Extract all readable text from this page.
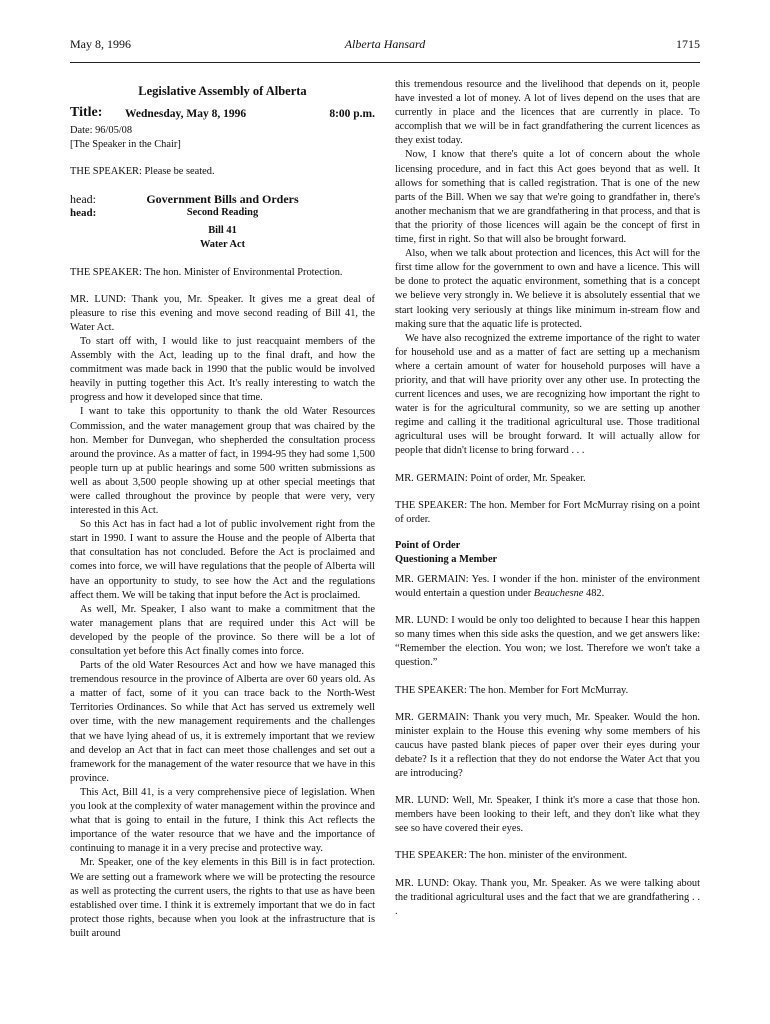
May 8, 1996	Alberta Hansard	1715
Legislative Assembly of Alberta
Title: Wednesday, May 8, 1996	8:00 p.m.
Date: 96/05/08
[The Speaker in the Chair]

THE SPEAKER: Please be seated.

head:	Government Bills and Orders
head:	Second Reading
Bill 41
Water Act

THE SPEAKER: The hon. Minister of Environmental Protection.

MR. LUND: Thank you, Mr. Speaker. It gives me a great deal of pleasure to rise this evening and move second reading of Bill 41, the Water Act.

To start off with, I would like to just reacquaint members of the Assembly with the Act, leading up to the final draft, and how the commitment was made back in 1990 that the public would be involved heavily in putting together this Act. It's really interesting to watch the progress and how it developed since that time.

I want to take this opportunity to thank the old Water Resources Commission, and the water management group that was chaired by the hon. Member for Dunvegan, who shepherded the consultation process around the province. As a matter of fact, in 1994-95 they had some 1,500 people turn up at public hearings and some 500 written submissions as well as about 3,500 people showing up at other special meetings that were called throughout the province by people that were very, very interested in this Act.

So this Act has in fact had a lot of public involvement right from the start in 1990. I want to assure the House and the people of Alberta that that consultation has not concluded. Before the Act is proclaimed and comes into force, we will have regulations that the people of Alberta will have an opportunity to study, to see how the Act and the regulations affect them. We will be taking that input before the Act is proclaimed.

As well, Mr. Speaker, I also want to make a commitment that the water management plans that are required under this Act will be developed by the people of the province. So there will be a lot of consultation yet before this Act finally comes into force.

Parts of the old Water Resources Act and how we have managed this tremendous resource in the province of Alberta are over 60 years old. As a matter of fact, some of it you can trace back to the North-West Territories Ordinances. So while that Act has served us extremely well over time, with the new management requirements and the challenges that we have lying ahead of us, it is extremely important that we review and develop an Act that in fact can meet those challenges and set out a framework for the management of the water resource that we have in this province.

This Act, Bill 41, is a very comprehensive piece of legislation. When you look at the complexity of water management within the province and what that is going to entail in the future, I think this Act reflects the importance of the water resource that we have and the importance of continuing to manage it in a very precise and protective way.

Mr. Speaker, one of the key elements in this Bill is in fact protection. We are setting out a framework where we will be protecting the resource as well as protecting the current users, the rights to that use as have been established over time. I think it is extremely important that we do in fact protect those rights, because when you look at the infrastructure that is built around

this tremendous resource and the livelihood that depends on it, people have invested a lot of money. A lot of lives depend on the uses that are currently in place and the licences that are currently in place. To accomplish that we will be in fact grandfathering the current licences as they exist today.

Now, I know that there's quite a lot of concern about the whole licensing procedure, and in fact this Act goes beyond that as well. It allows for something that is called registration. That is one of the new parts of the Bill. When we say that we're going to grandfather in, there's another mechanism that we are grandfathering in that process, and that is that the priority of those licences will again be the concept of first in time, first in right. So that will also be brought forward.

Also, when we talk about protection and licences, this Act will for the first time allow for the government to own and have a licence. This will be done to protect the aquatic environment, something that is a concept we believe very strongly in. We believe it is absolutely essential that we start looking very seriously at things like minimum in-stream flow and making sure that the aquatic life is protected.

We have also recognized the extreme importance of the right to water for household use and as a matter of fact are setting up a mechanism where a certain amount of water for household purposes will have a priority, and that will have priority over any other use. In protecting the current licences and uses, we are recognizing how important the right to water is for the agricultural community, so we are setting up another regime and calling it the traditional agricultural use. Those traditional agricultural uses will be brought forward. It will actually allow for people that didn't license to bring forward . . .

MR. GERMAIN: Point of order, Mr. Speaker.

THE SPEAKER: The hon. Member for Fort McMurray rising on a point of order.

Point of Order
Questioning a Member

MR. GERMAIN: Yes. I wonder if the hon. minister of the environment would entertain a question under Beauchesne 482.

MR. LUND: I would be only too delighted to because I hear this happen so many times when this side asks the question, and we get answers like: “Remember the election. You won; we lost. Therefore we won't take a question.”

THE SPEAKER: The hon. Member for Fort McMurray.

MR. GERMAIN: Thank you very much, Mr. Speaker. Would the hon. minister explain to the House this evening why some members of his caucus have pasted blank pieces of paper over their eyes during your debate? Is it a reflection that they do not endorse the Water Act that you are introducing?

MR. LUND: Well, Mr. Speaker, I think it's more a case that those hon. members have been looking to their left, and they don't like what they see so have covered their eyes.

THE SPEAKER: The hon. minister of the environment.

MR. LUND: Okay. Thank you, Mr. Speaker. As we were talking about the traditional agricultural uses and the fact that we are grandfathering . . .
